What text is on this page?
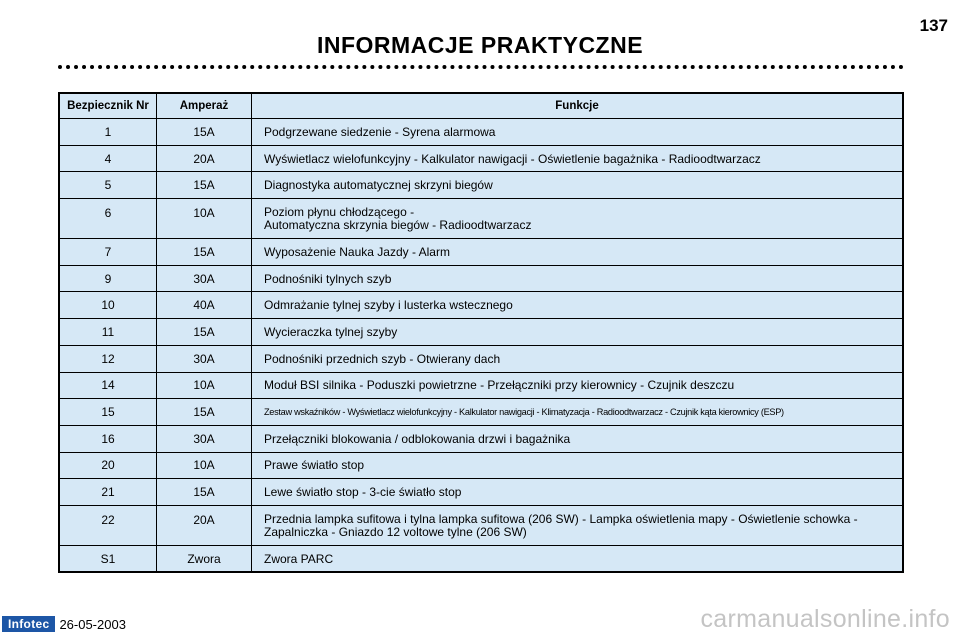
137
INFORMACJE PRAKTYCZNE
Bezpiecznik Nr	Amperaż	Funkcje
1	15A	Podgrzewane siedzenie - Syrena alarmowa
4	20A	Wyświetlacz wielofunkcyjny - Kalkulator nawigacji - Oświetlenie bagażnika - Radioodtwarzacz
5	15A	Diagnostyka automatycznej skrzyni biegów
6	10A	Poziom płynu chłodzącego -
Automatyczna skrzynia biegów - Radioodtwarzacz

7	15A	Wyposażenie Nauka Jazdy - Alarm
9	30A	Podnośniki tylnych szyb
10	40A	Odmrażanie tylnej szyby i lusterka wstecznego
11	15A	Wycieraczka tylnej szyby
12	30A	Podnośniki przednich szyb - Otwierany dach
14	10A	Moduł BSI silnika - Poduszki powietrzne - Przełączniki przy kierownicy - Czujnik deszczu
15	15A	Zestaw wskaźników - Wyświetlacz wielofunkcyjny - Kalkulator nawigacji - Klimatyzacja - Radioodtwarzacz - Czujnik kąta kierownicy (ESP)
16	30A	Przełączniki blokowania / odblokowania drzwi i bagażnika
20	10A	Prawe światło stop
21	15A	Lewe światło stop - 3-cie światło stop
22	20A	Przednia lampka sufitowa i tylna lampka sufitowa (206 SW) - Lampka oświetlenia mapy - Oświetlenie schowka -
Zapalniczka - Gniazdo 12 voltowe tylne (206 SW)

S1	Zwora	Zwora PARC
Infotec 26-05-2003	carmanualsonline.info
